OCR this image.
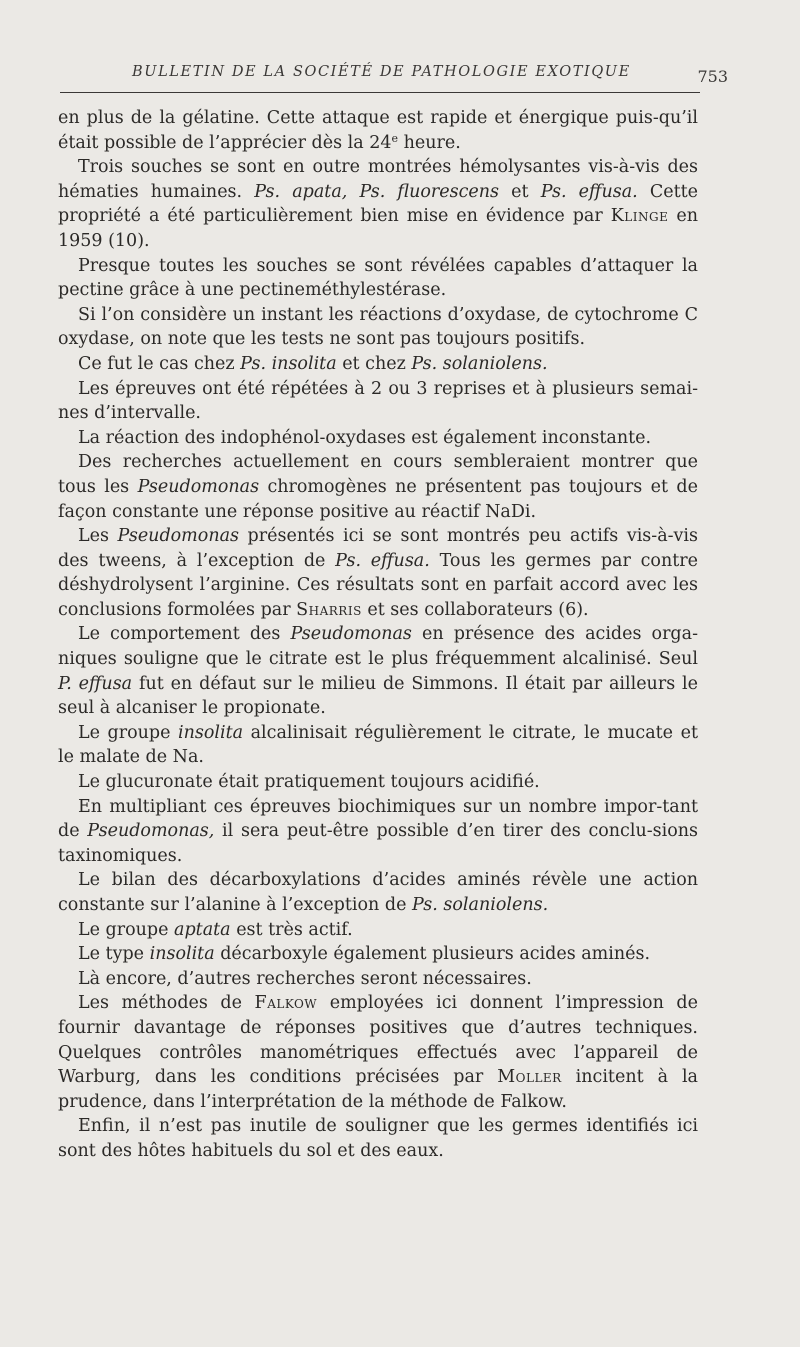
BULLETIN DE LA SOCIÉTÉ DE PATHOLOGIE EXOTIQUE	753

en plus de la gélatine. Cette attaque est rapide et énergique puis-qu’il était possible de l’apprécier dès la 24e heure.

Trois souches se sont en outre montrées hémolysantes vis-à-vis des hématies humaines. Ps. apata, Ps. fluorescens et Ps. effusa. Cette propriété a été particulièrement bien mise en évidence par Klinge en 1959 (10).

Presque toutes les souches se sont révélées capables d’attaquer la pectine grâce à une pectineméthylestérase.

Si l’on considère un instant les réactions d’oxydase, de cytochrome C oxydase, on note que les tests ne sont pas toujours positifs.

Ce fut le cas chez Ps. insolita et chez Ps. solaniolens.

Les épreuves ont été répétées à 2 ou 3 reprises et à plusieurs semai-nes d’intervalle.

La réaction des indophénol-oxydases est également inconstante.

Des recherches actuellement en cours sembleraient montrer que tous les Pseudomonas chromogènes ne présentent pas toujours et de façon constante une réponse positive au réactif NaDi.

Les Pseudomonas présentés ici se sont montrés peu actifs vis-à-vis des tweens, à l’exception de Ps. effusa. Tous les germes par contre déshydrolysent l’arginine. Ces résultats sont en parfait accord avec les conclusions formolées par Sharris et ses collaborateurs (6).

Le comportement des Pseudomonas en présence des acides orga-niques souligne que le citrate est le plus fréquemment alcalinisé. Seul P. effusa fut en défaut sur le milieu de Simmons. Il était par ailleurs le seul à alcaniser le propionate.

Le groupe insolita alcalinisait régulièrement le citrate, le mucate et le malate de Na.

Le glucuronate était pratiquement toujours acidifié.

En multipliant ces épreuves biochimiques sur un nombre impor-tant de Pseudomonas, il sera peut-être possible d’en tirer des conclu-sions taxinomiques.

Le bilan des décarboxylations d’acides aminés révèle une action constante sur l’alanine à l’exception de Ps. solaniolens.

Le groupe aptata est très actif.

Le type insolita décarboxyle également plusieurs acides aminés.

Là encore, d’autres recherches seront nécessaires.

Les méthodes de Falkow employées ici donnent l’impression de fournir davantage de réponses positives que d’autres techniques. Quelques contrôles manométriques effectués avec l’appareil de Warburg, dans les conditions précisées par Moller incitent à la prudence, dans l’interprétation de la méthode de Falkow.

Enfin, il n’est pas inutile de souligner que les germes identifiés ici sont des hôtes habituels du sol et des eaux.
